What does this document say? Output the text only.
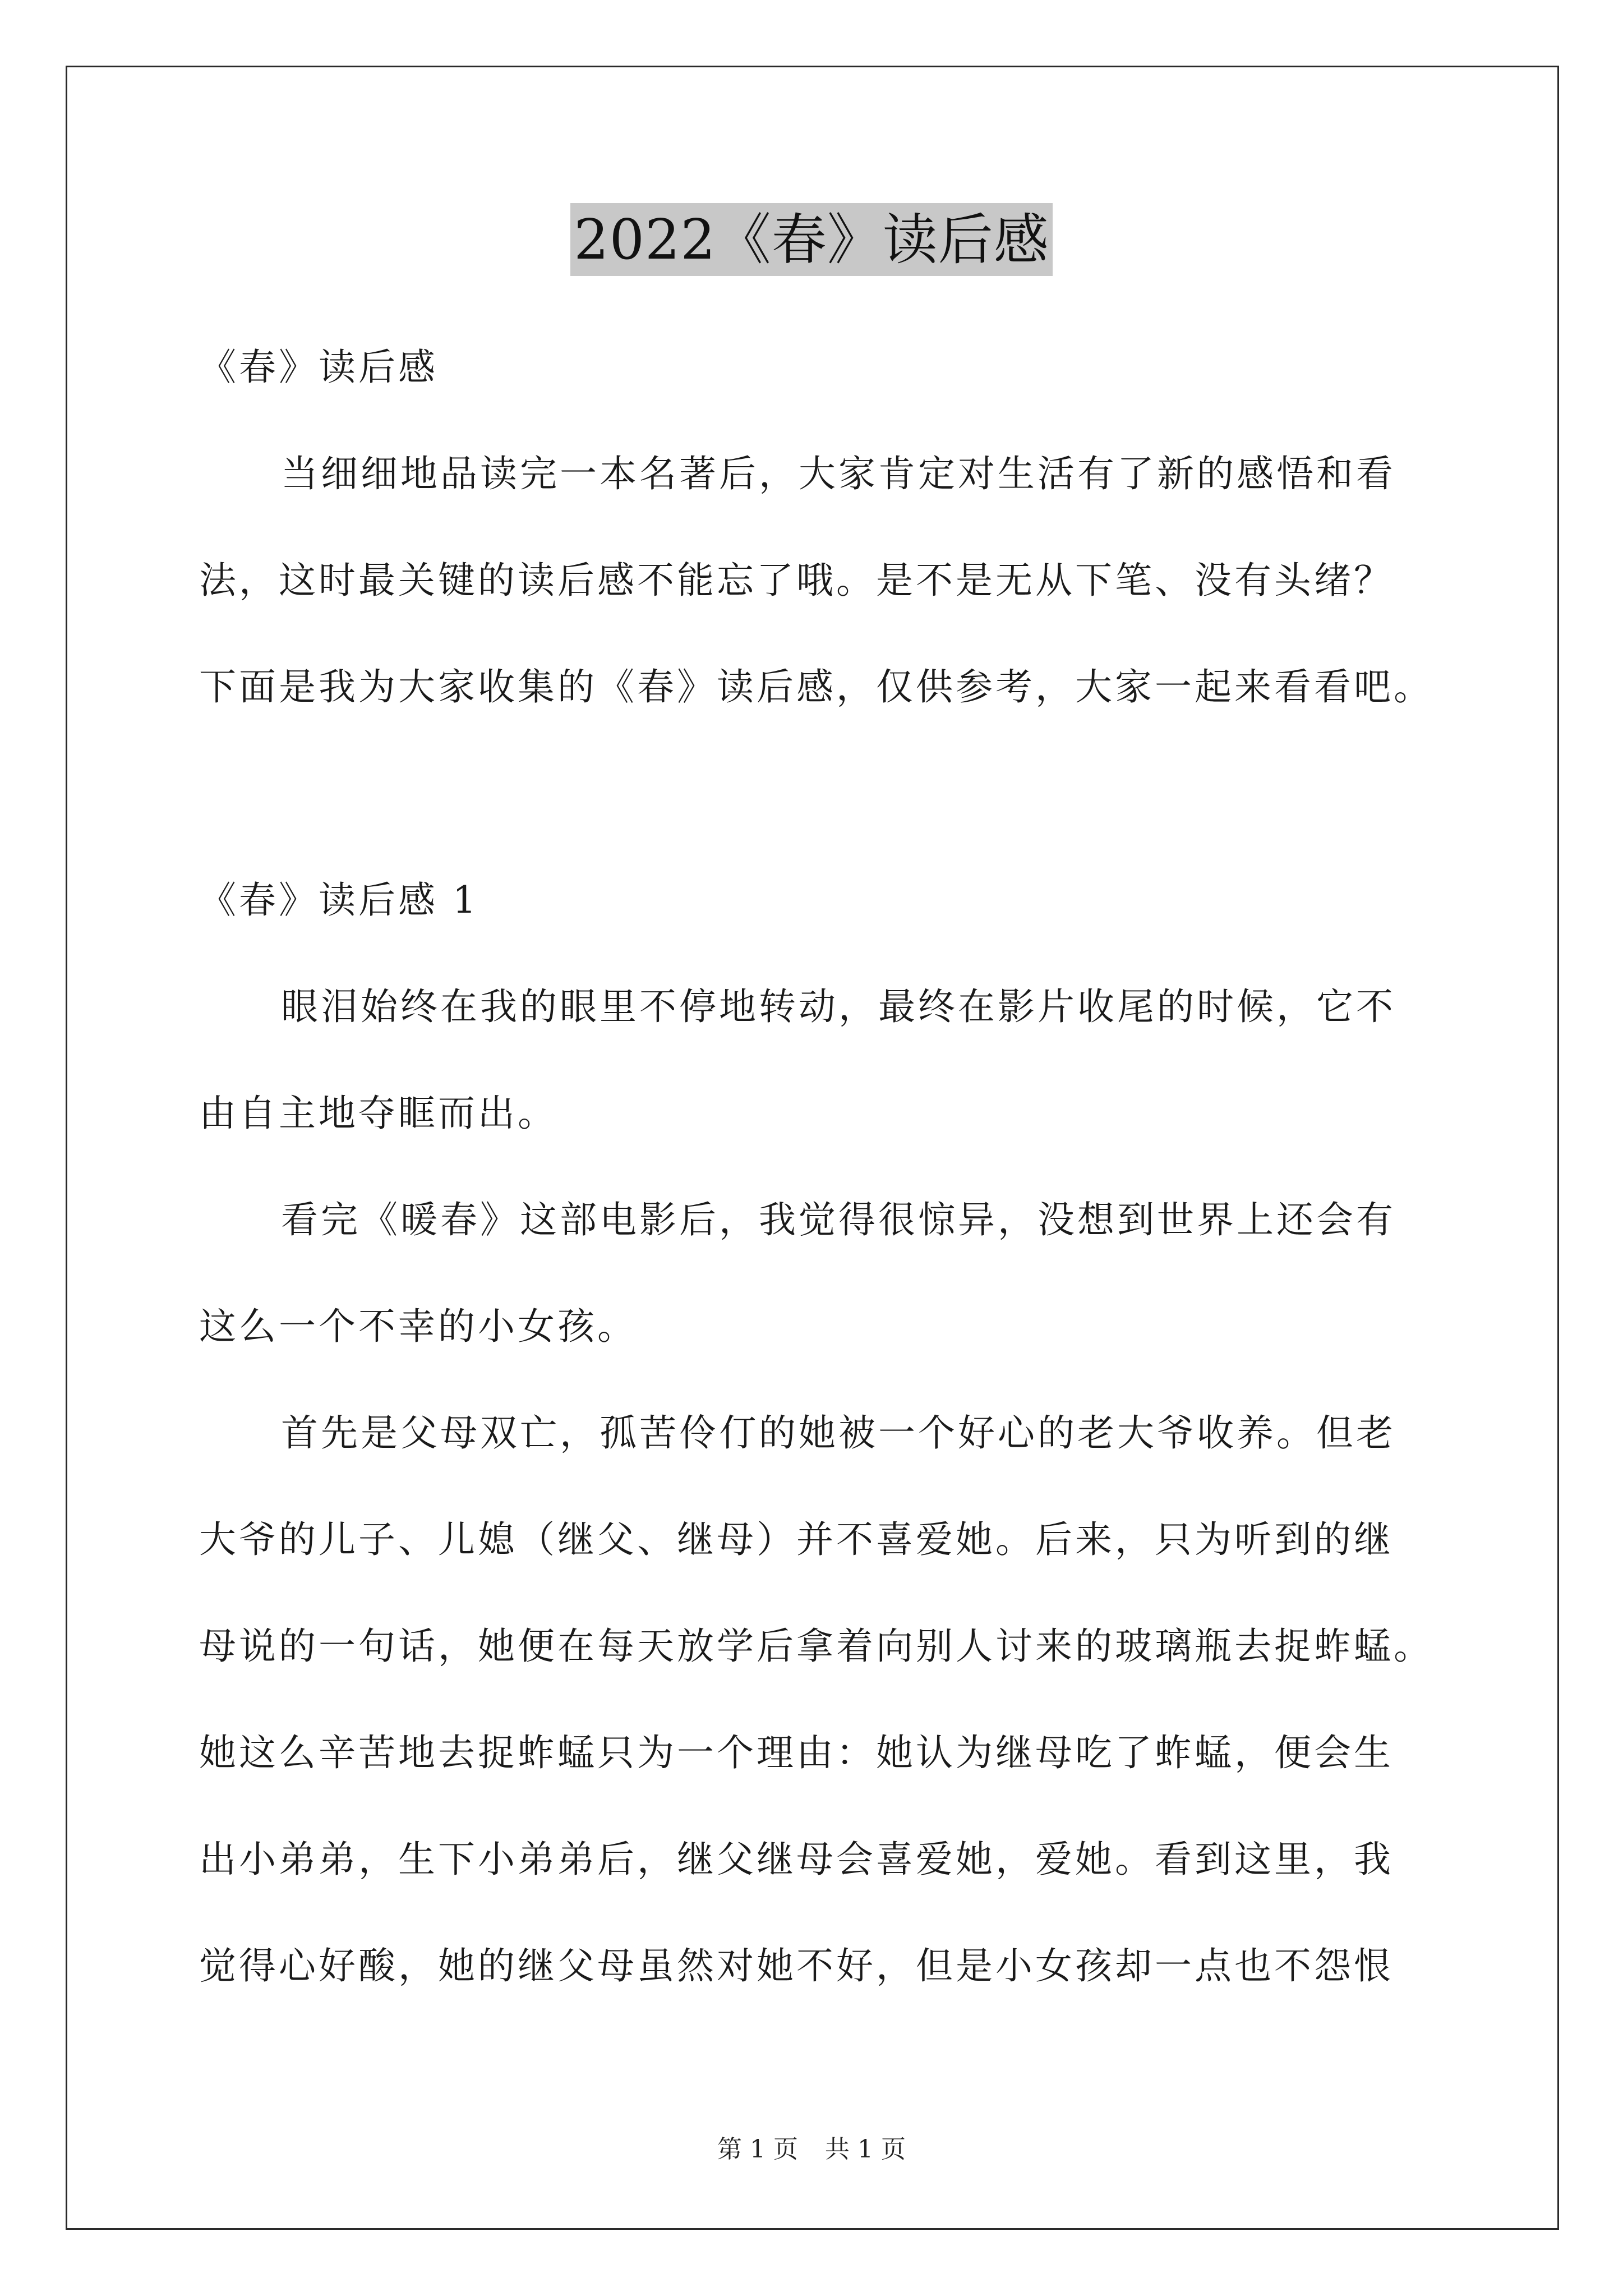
2022《春》读后感
《春》读后感
当细细地品读完一本名著后，大家肯定对生活有了新的感悟和看
法，这时最关键的读后感不能忘了哦。是不是无从下笔、没有头绪？
下面是我为大家收集的《春》读后感，仅供参考，大家一起来看看吧。
《春》读后感 1
眼泪始终在我的眼里不停地转动，最终在影片收尾的时候，它不
由自主地夺眶而出。
看完《暖春》这部电影后，我觉得很惊异，没想到世界上还会有
这么一个不幸的小女孩。
首先是父母双亡，孤苦伶仃的她被一个好心的老大爷收养。但老
大爷的儿子、儿媳（继父、继母）并不喜爱她。后来，只为听到的继
母说的一句话，她便在每天放学后拿着向别人讨来的玻璃瓶去捉蚱蜢。
她这么辛苦地去捉蚱蜢只为一个理由：她认为继母吃了蚱蜢，便会生
出小弟弟，生下小弟弟后，继父继母会喜爱她，爱她。看到这里，我
觉得心好酸，她的继父母虽然对她不好，但是小女孩却一点也不怨恨
第 1 页 共 1 页
